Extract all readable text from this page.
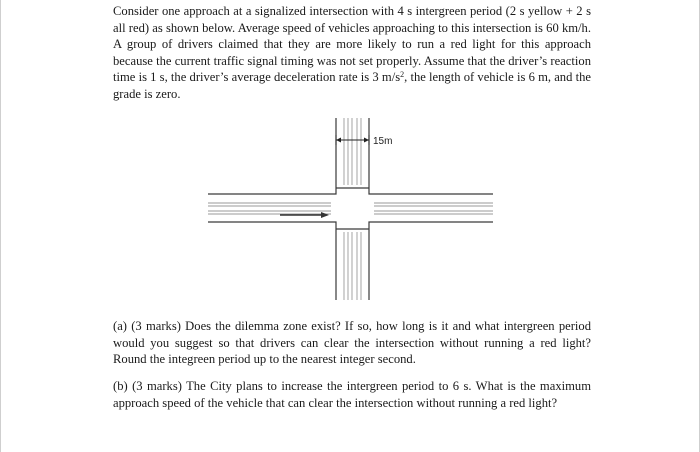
Consider one approach at a signalized intersection with 4 s intergreen period (2 s yellow + 2 s all red) as shown below. Average speed of vehicles approaching to this intersection is 60 km/h. A group of drivers claimed that they are more likely to run a red light for this approach because the current traffic signal timing was not set properly. Assume that the driver’s reaction time is 1 s, the driver’s average deceleration rate is 3 $m/s^2$, the length of vehicle is 6 m, and the grade is zero.

15m

(a) (3 marks) Does the dilemma zone exist? If so, how long is it and what intergreen period would you suggest so that drivers can clear the intersection without running a red light? Round the integreen period up to the nearest integer second.

(b) (3 marks) The City plans to increase the intergreen period to 6 s. What is the maximum approach speed of the vehicle that can clear the intersection without running a red light?
